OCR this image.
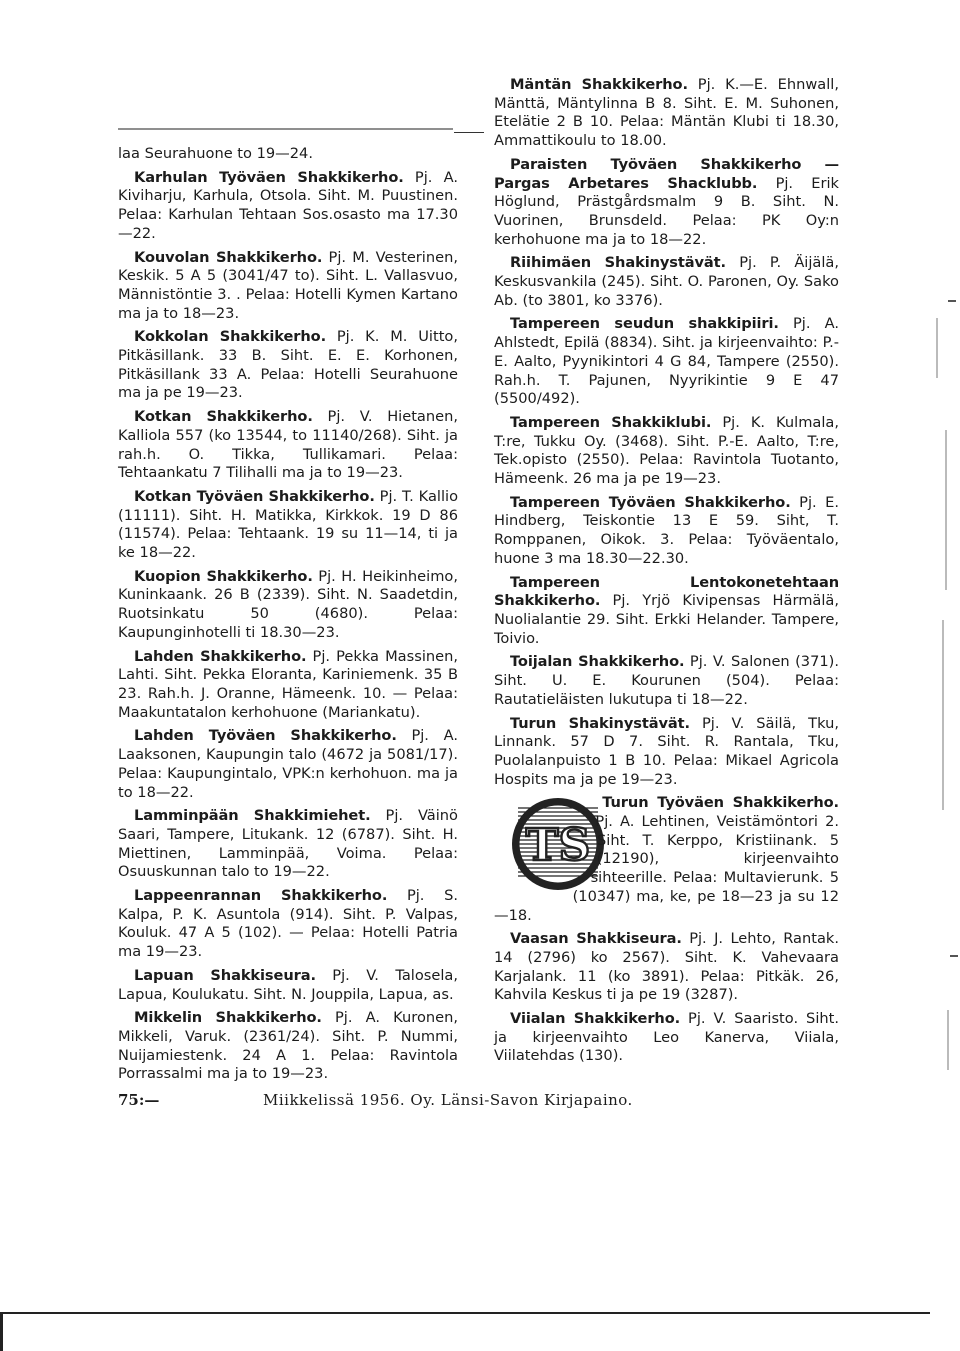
laa Seurahuone to 19—24.

Karhulan Työväen Shakkikerho. Pj. A. Kiviharju, Karhula, Otsola. Siht. M. Puustinen. Pelaa: Karhulan Tehtaan Sos.osasto ma 17.30—22.

Kouvolan Shakkikerho. Pj. M. Vesterinen, Keskik. 5 A 5 (3041/47 to). Siht. L. Vallasvuo, Männistöntie 3. . Pelaa: Hotelli Kymen Kartano ma ja to 18—23.

Kokkolan Shakkikerho. Pj. K. M. Uitto, Pitkäsillank. 33 B. Siht. E. E. Korhonen, Pitkäsillank 33 A. Pelaa: Hotelli Seurahuone ma ja pe 19—23.

Kotkan Shakkikerho. Pj. V. Hietanen, Kalliola 557 (ko 13544, to 11140/268). Siht. ja rah.h. O. Tikka, Tullikamari. Pelaa: Tehtaankatu 7 Tilihalli ma ja to 19—23.

Kotkan Työväen Shakkikerho. Pj. T. Kallio (11111). Siht. H. Matikka, Kirkkok. 19 D 86 (11574). Pelaa: Tehtaank. 19 su 11—14, ti ja ke 18—22.

Kuopion Shakkikerho. Pj. H. Heikinheimo, Kuninkaank. 26 B (2339). Siht. N. Saadetdin, Ruotsinkatu 50 (4680). Pelaa: Kaupunginhotelli ti 18.30—23.

Lahden Shakkikerho. Pj. Pekka Massinen, Lahti. Siht. Pekka Eloranta, Kariniemenk. 35 B 23. Rah.h. J. Oranne, Hämeenk. 10. — Pelaa: Maakuntatalon kerhohuone (Mariankatu).

Lahden Työväen Shakkikerho. Pj. A. Laaksonen, Kaupungin talo (4672 ja 5081/17). Pelaa: Kaupungintalo, VPK:n kerhohuon. ma ja to 18—22.

Lamminpään Shakkimiehet. Pj. Väinö Saari, Tampere, Litukank. 12 (6787). Siht. H. Miettinen, Lamminpää, Voima. Pelaa: Osuuskunnan talo to 19—22.

Lappeenrannan Shakkikerho. Pj. S. Kalpa, P. K. Asuntola (914). Siht. P. Valpas, Kouluk. 47 A 5 (102). — Pelaa: Hotelli Patria ma 19—23.

Lapuan Shakkiseura. Pj. V. Talosela, Lapua, Koulukatu. Siht. N. Jouppila, Lapua, as.

Mikkelin Shakkikerho. Pj. A. Kuronen, Mikkeli, Varuk. (2361/24). Siht. P. Nummi, Nuijamiestenk. 24 A 1. Pelaa: Ravintola Porrassalmi ma ja to 19—23.

Mäntän Shakkikerho. Pj. K.—E. Ehnwall, Mänttä, Mäntylinna B 8. Siht. E. M. Suhonen, Etelätie 2 B 10. Pelaa: Mäntän Klubi ti 18.30, Ammattikoulu to 18.00.

Paraisten Työväen Shakkikerho — Pargas Arbetares Shacklubb. Pj. Erik Höglund, Prästgårdsmalm 9 B. Siht. N. Vuorinen, Brunsdeld. Pelaa: PK Oy:n kerhohuone ma ja to 18—22.

Riihimäen Shakinystävät. Pj. P. Äijälä, Keskusvankila (245). Siht. O. Paronen, Oy. Sako Ab. (to 3801, ko 3376).

Tampereen seudun shakkipiiri. Pj. A. Ahlstedt, Epilä (8834). Siht. ja kirjeenvaihto: P.-E. Aalto, Pyynikintori 4 G 84, Tampere (2550). Rah.h. T. Pajunen, Nyyrikintie 9 E 47 (5500/492).

Tampereen Shakkiklubi. Pj. K. Kulmala, T:re, Tukku Oy. (3468). Siht. P.-E. Aalto, T:re, Tek.opisto (2550). Pelaa: Ravintola Tuotanto, Hämeenk. 26 ma ja pe 19—23.

Tampereen Työväen Shakkikerho. Pj. E. Hindberg, Teiskontie 13 E 59. Siht, T. Romppanen, Oikok. 3. Pelaa: Työväentalo, huone 3 ma 18.30—22.30.

Tampereen Lentokonetehtaan Shakkikerho. Pj. Yrjö Kivipensas Härmälä, Nuolialantie 29. Siht. Erkki Helander. Tampere, Toivio.

Toijalan Shakkikerho. Pj. V. Salonen (371). Siht. U. E. Kourunen (504). Pelaa: Rautatieläisten lukutupa ti 18—22.

Turun Shakinystävät. Pj. V. Säilä, Tku, Linnank. 57 D 7. Siht. R. Rantala, Tku, Puolalanpuisto 1 B 10. Pelaa: Mikael Agricola Hospits ma ja pe 19—23.

TS
Turun Työväen Shakkikerho. Pj. A. Lehtinen, Veistämöntori 2. Siht. T. Kerppo, Kristiinank. 5 (12190), kirjeenvaihto sihteerille. Pelaa: Multavierunk. 5 (10347) ma, ke, pe 18—23 ja su 12 —18.

Vaasan Shakkiseura. Pj. J. Lehto, Rantak. 14 (2796) ko 2567). Siht. K. Vahevaara Karjalank. 11 (ko 3891). Pelaa: Pitkäk. 26, Kahvila Keskus ti ja pe 19 (3287).

Viialan Shakkikerho. Pj. V. Saaristo. Siht. ja kirjeenvaihto Leo Kanerva, Viiala, Viilatehdas (130).

75:—	Miikkelissä 1956. Oy. Länsi-Savon Kirjapaino.
